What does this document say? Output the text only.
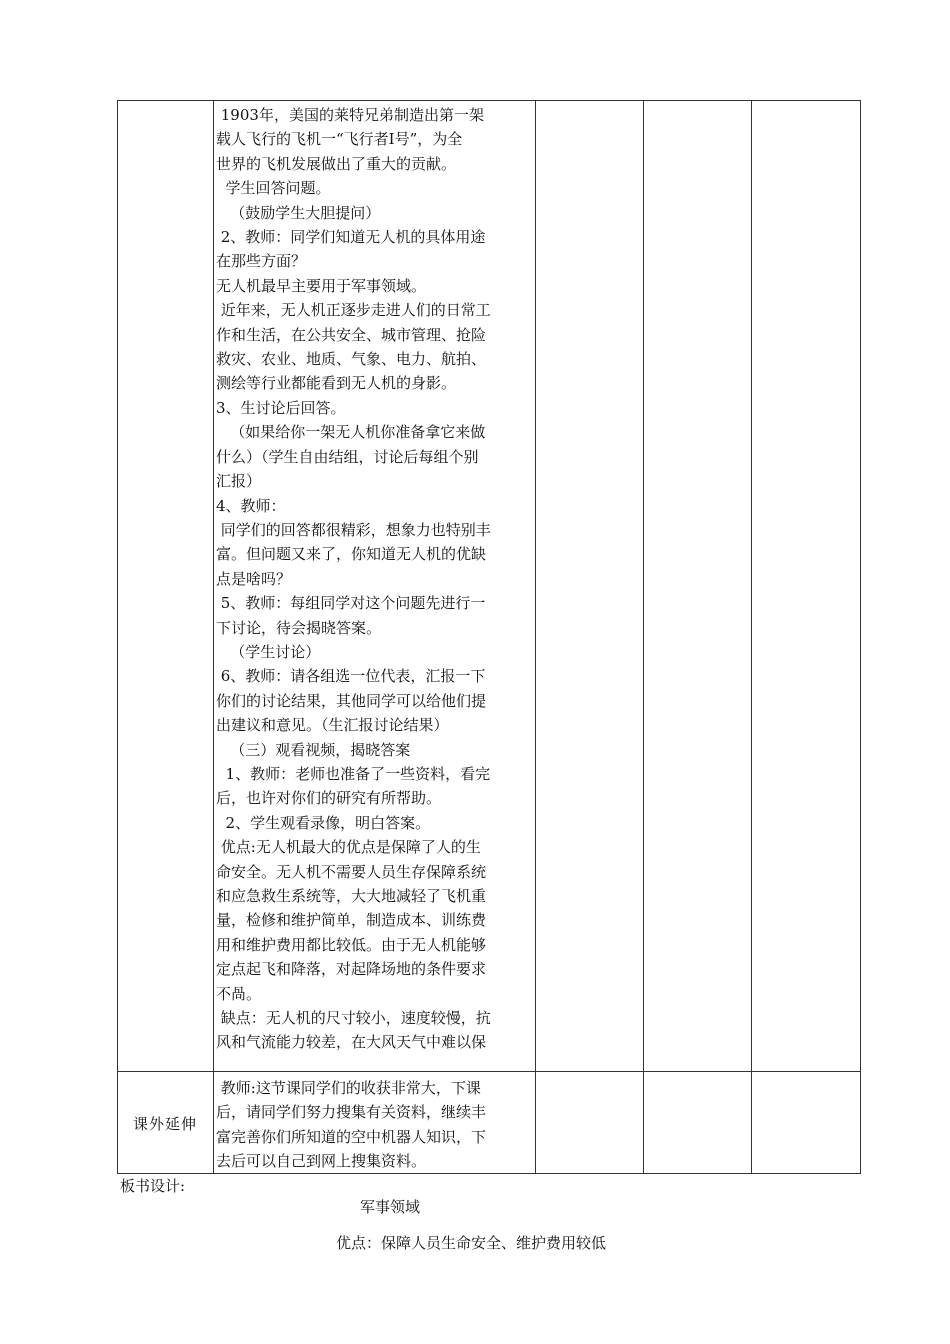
1903年，美国的莱特兄弟制造出第一架

载人飞行的飞机一“飞行者Ⅰ号”，为全

世界的飞机发展做出了重大的贡献。

学生回答问题。

（鼓励学生大胆提问）

2、教师：同学们知道无人机的具体用途

在那些方面？

无人机最早主要用于军事领域。

近年来，无人机正逐步走进人们的日常工

作和生活，在公共安全、城市管理、抢险

救灾、农业、地质、气象、电力、航拍、

测绘等行业都能看到无人机的身影。

3、生讨论后回答。

（如果给你一架无人机你准备拿它来做

什么）（学生自由结组，讨论后每组个别

汇报）

4、教师：

同学们的回答都很精彩，想象力也特别丰

富。但问题又来了，你知道无人机的优缺

点是啥吗？

5、教师：每组同学对这个问题先进行一

下讨论，待会揭晓答案。

（学生讨论）

6、教师：请各组选一位代表，汇报一下

你们的讨论结果，其他同学可以给他们提

出建议和意见。（生汇报讨论结果）

（三）观看视频，揭晓答案

1、教师：老师也准备了一些资料，看完

后，也许对你们的研究有所帮助。

2、学生观看录像，明白答案。

优点:无人机最大的优点是保障了人的生

命安全。无人机不需要人员生存保障系统

和应急救生系统等，大大地减轻了飞机重

量，检修和维护简单，制造成本、训练费

用和维护费用都比较低。由于无人机能够

定点起飞和降落，对起降场地的条件要求

不咼。

缺点：无人机的尺寸较小，速度较慢，抗

风和气流能力较差，在大风天气中难以保

课外延伸

教师:这节课同学们的收获非常大，下课

后，请同学们努力搜集有关资料，继续丰

富完善你们所知道的空中机器人知识，下

去后可以自己到网上搜集资料。

板书设计:
军事领域
优点：保障人员生命安全、维护费用较低
